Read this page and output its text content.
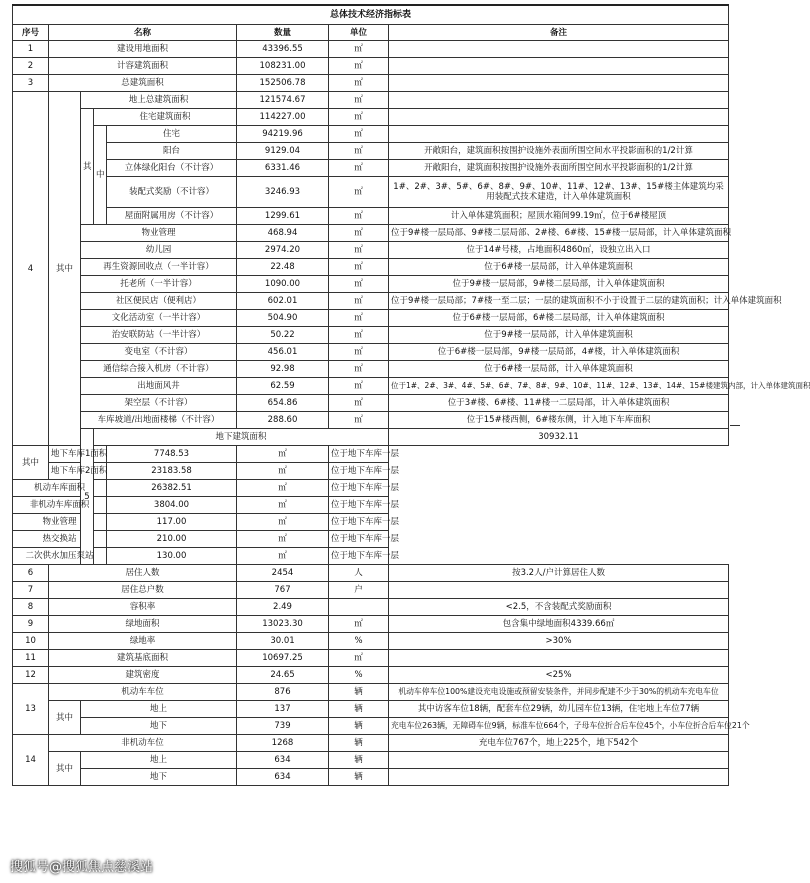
总体技术经济指标表								
序号	名称				数量	单位	备注	
1	建设用地面积				43396.55	㎡		
2	计容建筑面积				108231.00	㎡		
3	总建筑面积				152506.78	㎡		
4	其中	地上总建筑面积			121574.67	㎡		
		其	住宅建筑面积		114227.00	㎡		
			中	住宅	94219.96	㎡		
				阳台	9129.04	㎡	开敞阳台，建筑面积按围护设施外表面所围空间水平投影面积的1/2计算	
				立体绿化阳台（不计容）	6331.46	㎡	开敞阳台，建筑面积按围护设施外表面所围空间水平投影面积的1/2计算	
				装配式奖励（不计容）	3246.93	㎡	1#、2#、3#、5#、6#、8#、9#、10#、11#、12#、13#、15#楼主体建筑均采用装配式技术建造，计入单体建筑面积	
				屋面附属用房（不计容）	1299.61	㎡	计入单体建筑面积；屋顶水箱间99.19㎡，位于6#楼屋顶	
		物业管理			468.94	㎡	位于9#楼一层局部、9#楼二层局部、2#楼、6#楼、15#楼一层局部，计入单体建筑面积	
		幼儿园			2974.20	㎡	位于14#号楼，占地面积4860㎡，设独立出入口	
		再生资源回收点（一半计容）			22.48	㎡	位于6#楼一层局部，计入单体建筑面积	
		托老所（一半计容）			1090.00	㎡	位于9#楼一层局部，9#楼二层局部，计入单体建筑面积	
		社区便民店（便利店）			602.01	㎡	位于9#楼一层局部；7#楼一至二层；一层的建筑面积不小于设置于二层的建筑面积；计入单体建筑面积	
		文化活动室（一半计容）			504.90	㎡	位于6#楼一层局部，6#楼二层局部，计入单体建筑面积	
		治安联防站（一半计容）			50.22	㎡	位于9#楼一层局部，计入单体建筑面积	
		变电室（不计容）			456.01	㎡	位于6#楼一层局部，9#楼一层局部，4#楼，计入单体建筑面积	
		通信综合接入机房（不计容）			92.98	㎡	位于6#楼一层局部，计入单体建筑面积	
		出地面风井			62.59	㎡	位于1#、2#、3#、4#、5#、6#、7#、8#、9#、10#、11#、12#、13#、14#、15#楼建筑内部，计入单体建筑面积	
		架空层（不计容）			654.86	㎡	位于3#楼、6#楼、11#楼一二层局部，计入单体建筑面积	
		车库坡道/出地面楼梯（不计容）			288.60	㎡	位于15#楼西侧，6#楼东侧，计入地下车库面积	
		5	地下建筑面积				30932.11		
其中	地下车库1面积			7748.53	㎡	位于地下车库一层		
	地下车库2面积			23183.58	㎡	位于地下车库一层		
机动车库面积				26382.51	㎡	位于地下车库一层		
非机动车库面积				3804.00	㎡	位于地下车库一层		
物业管理				117.00	㎡	位于地下车库一层		
热交换站				210.00	㎡	位于地下车库一层		
二次供水加压泵站				130.00	㎡	位于地下车库一层		
6	居住人数				2454	人	按3.2人/户计算居住人数	
7	居住总户数				767	户		
8	容积率				2.49		<2.5，不含装配式奖励面积	
9	绿地面积				13023.30	㎡	包含集中绿地面积4339.66㎡	
10	绿地率				30.01	%	>30%	
11	建筑基底面积				10697.25	㎡		
12	建筑密度				24.65	%	<25%	
13	机动车车位				876	辆	机动车停车位100%建设充电设施或预留安装条件，并同步配建不少于30%的机动车充电车位	
	其中	地上			137	辆	其中访客车位18辆，配套车位29辆，幼儿园车位13辆，住宅地上车位77辆	
		地下			739	辆	充电车位263辆，无障碍车位9辆，标准车位664个，子母车位折合后车位45个，小车位折合后车位21个	
14	非机动车位				1268	辆	充电车位767个，地上225个，地下542个	
	其中	地上			634	辆		
		地下			634	辆		
搜狐号@搜狐焦点慈溪站
